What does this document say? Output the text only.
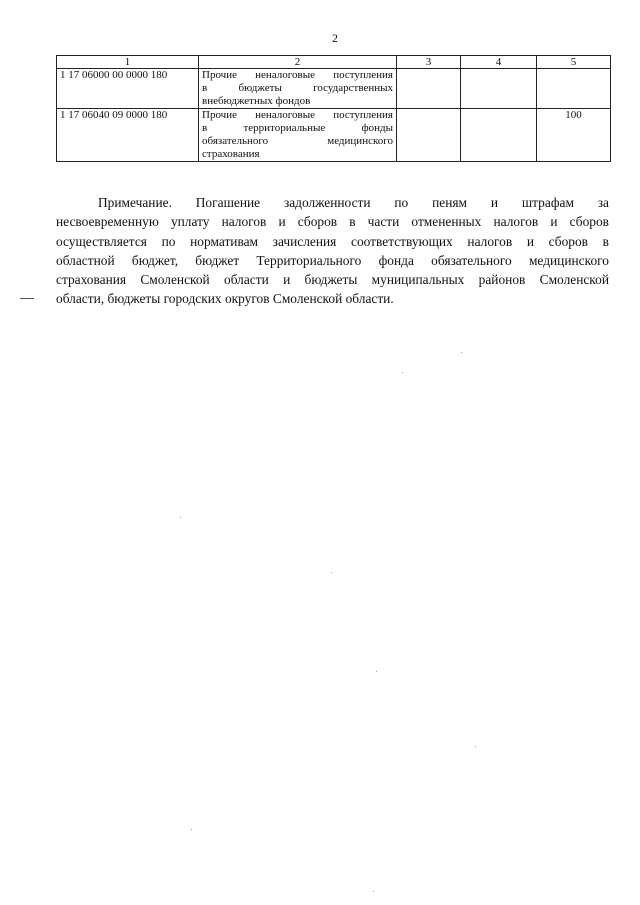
2
1	2	3	4	5
1 17 06000 00 0000 180	Прочие неналоговые поступления
в бюджеты государственных
внебюджетных фондов			

1 17 06040 09 0000 180	Прочие неналоговые поступления
в территориальные фонды
обязательного медицинского
страхования			100
Примечание. Погашение задолженности по пеням и штрафам за
несвоевременную уплату налогов и сборов в части отмененных налогов и сборов
осуществляется по нормативам зачисления соответствующих налогов и сборов в
областной бюджет, бюджет Территориального фонда обязательного медицинского
страхования Смоленской области и бюджеты муниципальных районов Смоленской
области, бюджеты городских округов Смоленской области.
